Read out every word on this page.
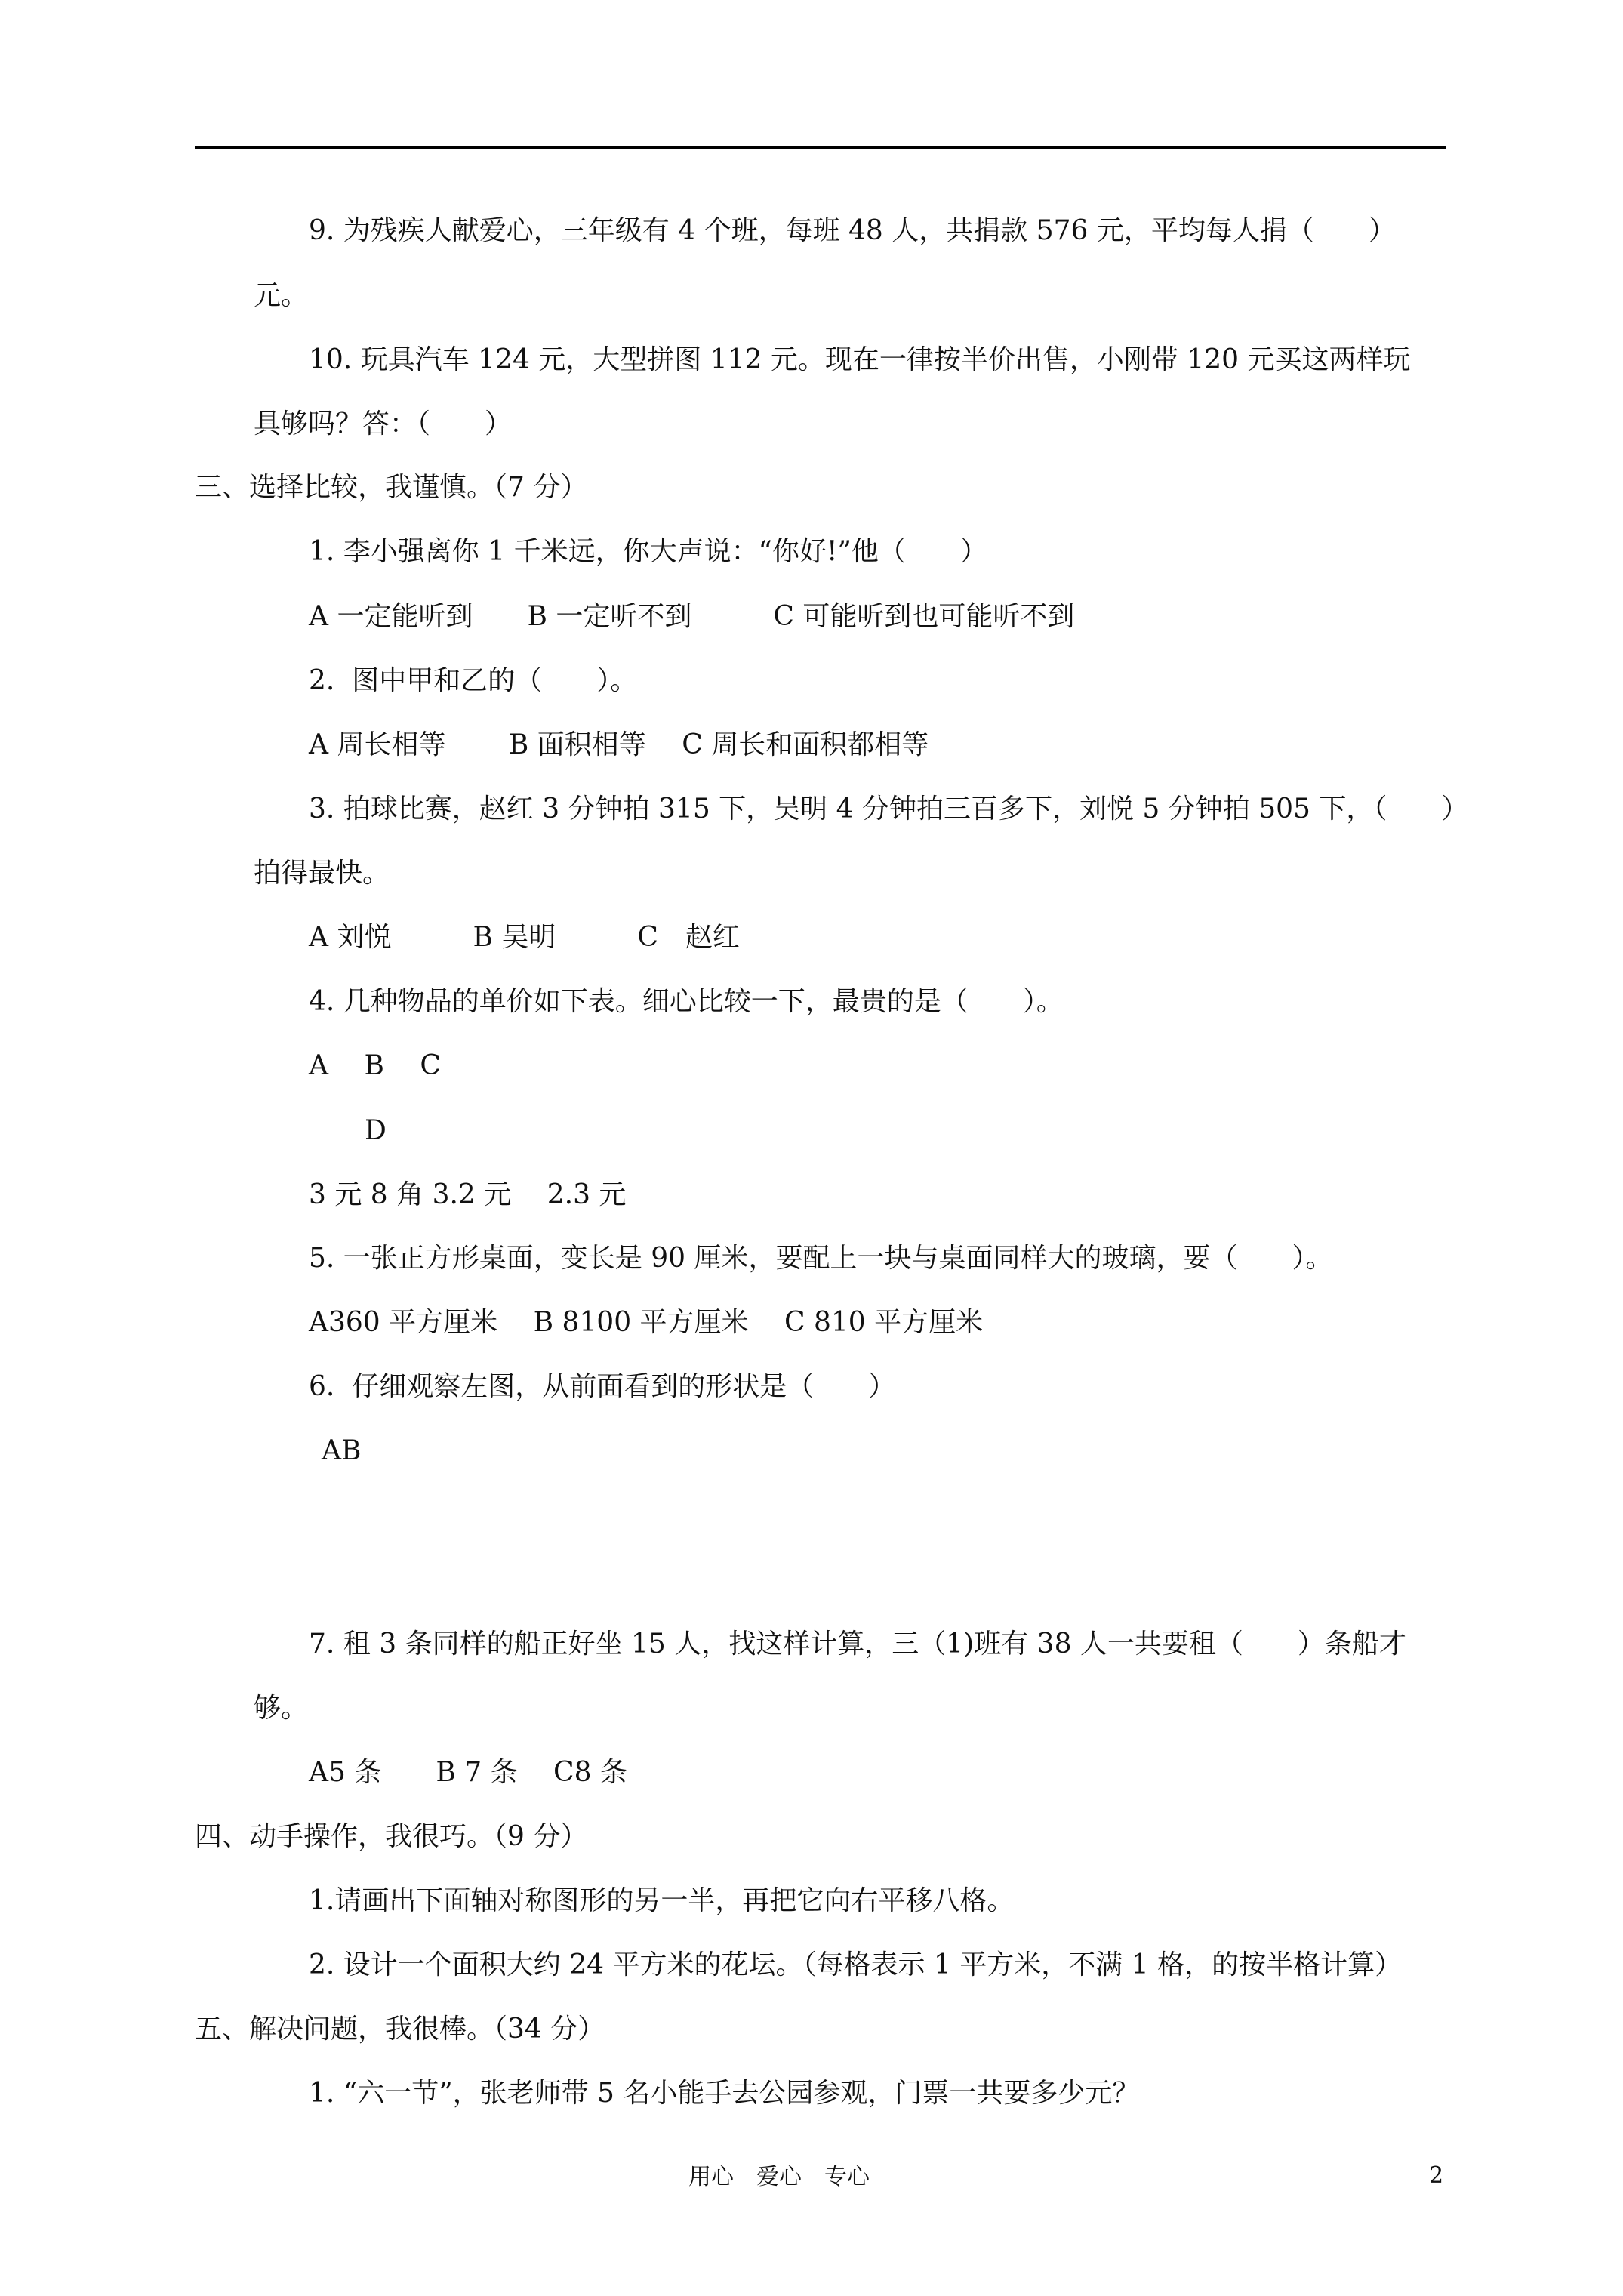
9. 为残疾人献爱心，三年级有 4 个班，每班 48 人，共捐款 576 元，平均每人捐（　　）
元。
10. 玩具汽车 124 元，大型拼图 112 元。现在一律按半价出售，小刚带 120 元买这两样玩
具够吗？答：（　　）
三、选择比较，我谨慎。（7 分）
1. 李小强离你 1 千米远，你大声说：“你好!”他（　　）
A 一定能听到　　B 一定听不到　　　C 可能听到也可能听不到
2.  图中甲和乙的（　　）。
A 周长相等　　 B 面积相等　 C 周长和面积都相等
3. 拍球比赛，赵红 3 分钟拍 315 下，吴明 4 分钟拍三百多下，刘悦 5 分钟拍 505 下，（　　）
拍得最快。
A 刘悦　　　B 吴明　　　C　赵红
4. 几种物品的单价如下表。细心比较一下，最贵的是（　　）。
A　 B　 C
D
3 元 8 角 3.2 元　 2.3 元
5. 一张正方形桌面，变长是 90 厘米，要配上一块与桌面同样大的玻璃，要（　　）。
A360 平方厘米　 B 8100 平方厘米　 C 810 平方厘米
6.  仔细观察左图，从前面看到的形状是（　　）
AB
7. 租 3 条同样的船正好坐 15 人，找这样计算，三（1)班有 38 人一共要租（　　）条船才
够。
A5 条　　B 7 条　 C8 条
四、动手操作，我很巧。（9 分）
1.请画出下面轴对称图形的另一半，再把它向右平移八格。
2. 设计一个面积大约 24 平方米的花坛。（每格表示 1 平方米，不满 1 格，的按半格计算）
五、解决问题，我很棒。（34 分）
1. “六一节”，张老师带 5 名小能手去公园参观，门票一共要多少元？
用心　爱心　专心	2
